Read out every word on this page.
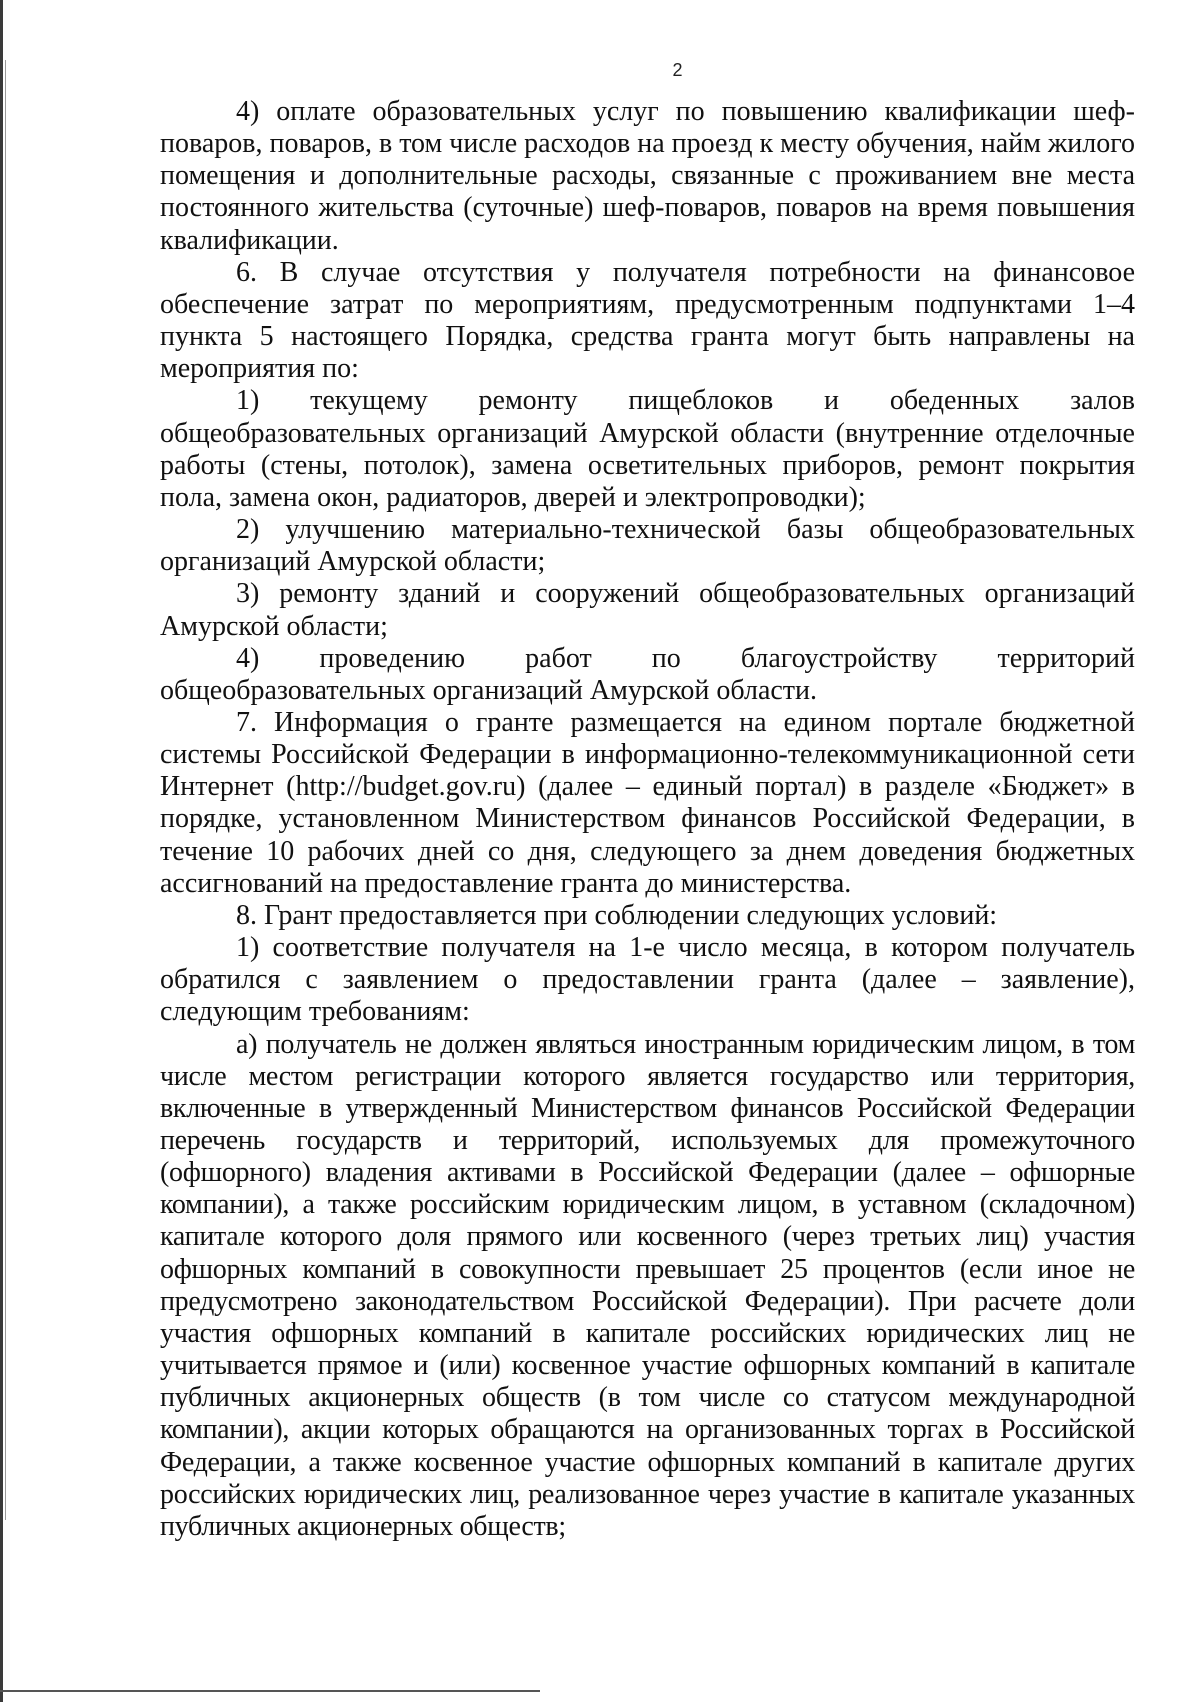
2

4) оплате образовательных услуг по повышению квалификации шеф-поваров, поваров, в том числе расходов на проезд к месту обучения, найм жилого помещения и дополнительные расходы, связанные с проживанием вне места постоянного жительства (суточные) шеф-поваров, поваров на время повышения квалификации.

6. В случае отсутствия у получателя потребности на финансовое обеспечение затрат по мероприятиям, предусмотренным подпунктами 1–4 пункта 5 настоящего Порядка, средства гранта могут быть направлены на мероприятия по:

1) текущему ремонту пищеблоков и обеденных залов общеобразовательных организаций Амурской области (внутренние отделочные работы (стены, потолок), замена осветительных приборов, ремонт покрытия пола, замена окон, радиаторов, дверей и электропроводки);

2) улучшению материально-технической базы общеобразовательных организаций Амурской области;

3) ремонту зданий и сооружений общеобразовательных организаций Амурской области;

4) проведению работ по благоустройству территорий общеобразовательных организаций Амурской области.

7. Информация о гранте размещается на едином портале бюджетной системы Российской Федерации в информационно-телекоммуникационной сети Интернет (http://budget.gov.ru) (далее – единый портал) в разделе «Бюджет» в порядке, установленном Министерством финансов Российской Федерации, в течение 10 рабочих дней со дня, следующего за днем доведения бюджетных ассигнований на предоставление гранта до министерства.

8. Грант предоставляется при соблюдении следующих условий:

1) соответствие получателя на 1-е число месяца, в котором получатель обратился с заявлением о предоставлении гранта (далее – заявление), следующим требованиям:

а) получатель не должен являться иностранным юридическим лицом, в том числе местом регистрации которого является государство или территория, включенные в утвержденный Министерством финансов Российской Федерации перечень государств и территорий, используемых для промежуточного (офшорного) владения активами в Российской Федерации (далее – офшорные компании), а также российским юридическим лицом, в уставном (складочном) капитале которого доля прямого или косвенного (через третьих лиц) участия офшорных компаний в совокупности превышает 25 процентов (если иное не предусмотрено законодательством Российской Федерации). При расчете доли участия офшорных компаний в капитале российских юридических лиц не учитывается прямое и (или) косвенное участие офшорных компаний в капитале публичных акционерных обществ (в том числе со статусом международной компании), акции которых обращаются на организованных торгах в Российской Федерации, а также косвенное участие офшорных компаний в капитале других российских юридических лиц, реализованное через участие в капитале указанных публичных акционерных обществ;
